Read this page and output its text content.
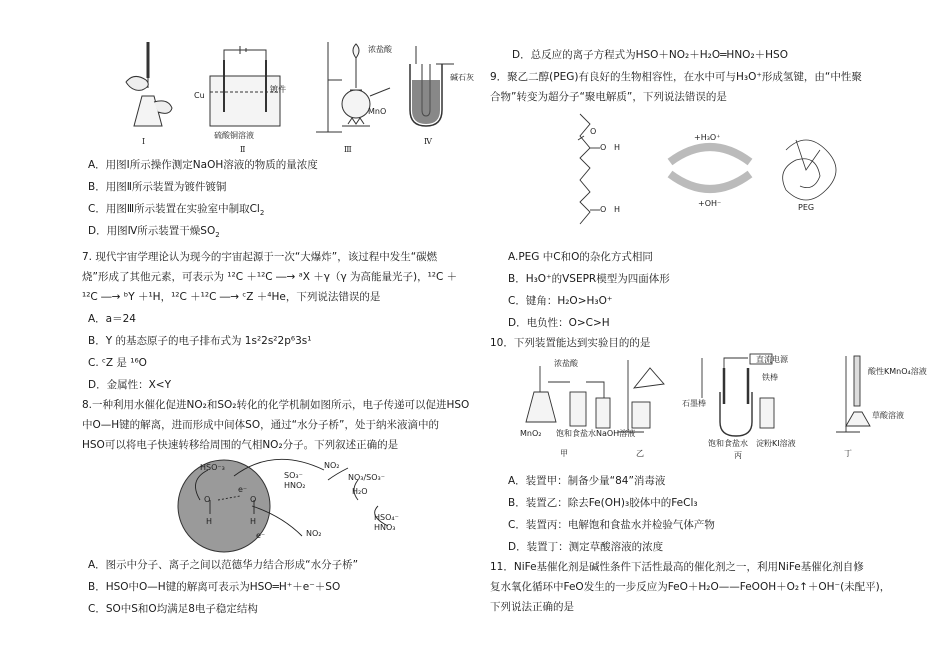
Ⅰ
Cu
镀件
硫酸铜溶液
Ⅱ
浓盐酸
MnO
Ⅲ
碱石灰
Ⅳ
A．用图Ⅰ所示操作测定NaOH溶液的物质的量浓度
B．用图Ⅱ所示装置为镀件镀铜
C．用图Ⅲ所示装置在实验室中制取$Cl_2$
D．用图Ⅳ所示装置干燥$SO_2$
7. 现代宇宙学理论认为现今的宇宙起源于一次“大爆炸”，该过程中发生“碳燃
烧”形成了其他元素，可表示为 ¹²C ＋¹²C ―→ ᵃX ＋γ（γ 为高能量光子)，¹²C ＋
¹²C ―→ ᵇY ＋¹H，¹²C ＋¹²C ―→ ᶜZ ＋⁴He，下列说法错误的是
A．a＝24
B．Y 的基态原子的电子排布式为 1s²2s²2p⁶3s¹
C. ᶜZ 是 ¹⁶O
D．金属性：X<Y
8.一种利用水催化促进NO₂和SO₂转化的化学机制如图所示，电子传递可以促进HSO
中O—H键的解离，进而形成中间体SO，通过“水分子桥”，处于纳米液滴中的
HSO可以将电子快速转移给周围的气相NO₂分子。下列叙述正确的是
HSO⁻₃
O	O
H	H
e⁻
e⁻
SO₃⁻
HNO₂
NO₂
NO₃/SO₃⁻
H₂O
NO₂
HSO₄⁻
HNO₃
A．图示中分子、离子之间以范德华力结合形成“水分子桥”
B．HSO中O—H键的解离可表示为HSO═H⁺＋e⁻＋SO
C．SO中S和O均满足8电子稳定结构
D．总反应的离子方程式为HSO＋NO₂＋H₂O═HNO₂＋HSO
9．聚乙二醇(PEG)有良好的生物相容性，在水中可与H₃O⁺形成氢键，由“中性聚
合物”转变为超分子“聚电解质”，下列说法错误的是
O
O H
O H
+H₃O⁺
+OH⁻	PEG
A.PEG 中C和O的杂化方式相同
B．H₃O⁺的VSEPR模型为四面体形
C．键角：H₂O>H₃O⁺
D．电负性：O>C>H
10．下列装置能达到实验目的的是
浓盐酸
MnO₂ 饱和食盐水 NaOH溶液
直流电源
铁棒
石墨棒
饱和食盐水 淀粉KI溶液
酸性KMnO₄溶液
草酸溶液
甲	乙	丙	丁
A．装置甲：制备少量“84”消毒液
B．装置乙：除去Fe(OH)₃胶体中的FeCl₃
C．装置丙：电解饱和食盐水并检验气体产物
D．装置丁：测定草酸溶液的浓度
11．NiFe基催化剂是碱性条件下活性最高的催化剂之一，利用NiFe基催化剂自修
复水氧化循环中FeO发生的一步反应为FeO＋H₂O——FeOOH＋O₂↑＋OH⁻(未配平)，
下列说法正确的是
